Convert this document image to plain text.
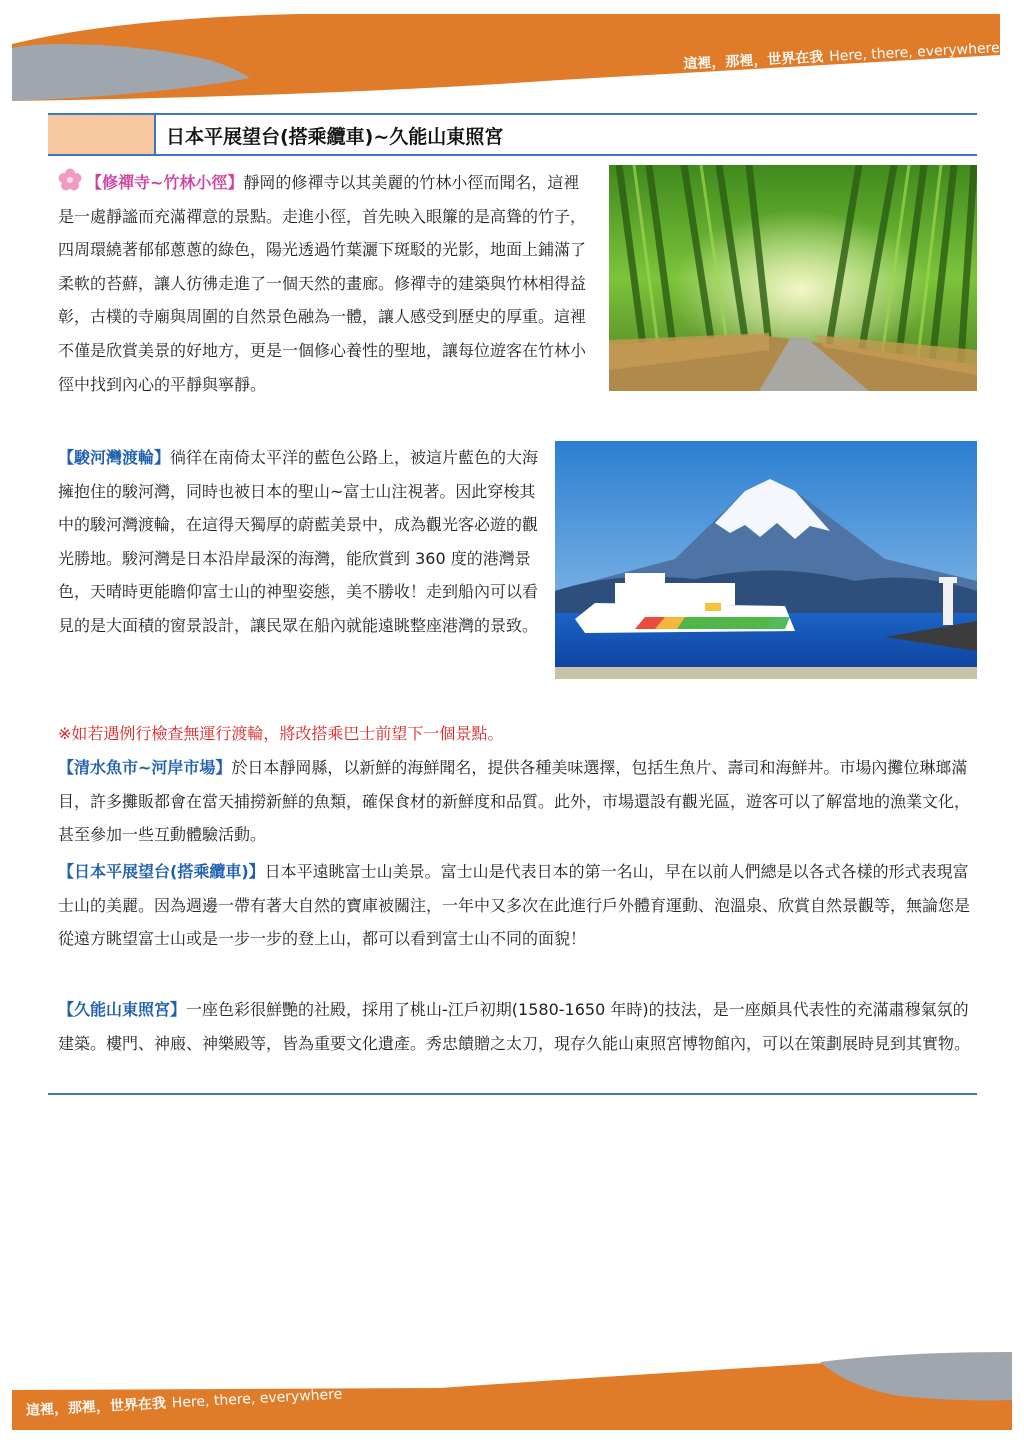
這裡，那裡，世界在我 Here, there, everywhere
日本平展望台(搭乘纜車)~久能山東照宮
【修禪寺~竹林小徑】靜岡的修禪寺以其美麗的竹林小徑而聞名，這裡是一處靜謐而充滿禪意的景點。走進小徑，首先映入眼簾的是高聳的竹子，四周環繞著郁郁蔥蔥的綠色，陽光透過竹葉灑下斑駁的光影，地面上鋪滿了柔軟的苔蘚，讓人彷彿走進了一個天然的畫廊。修禪寺的建築與竹林相得益彰，古樸的寺廟與周圍的自然景色融為一體，讓人感受到歷史的厚重。這裡不僅是欣賞美景的好地方，更是一個修心養性的聖地，讓每位遊客在竹林小徑中找到內心的平靜與寧靜。
【駿河灣渡輪】徜徉在南倚太平洋的藍色公路上，被這片藍色的大海擁抱住的駿河灣，同時也被日本的聖山~富士山注視著。因此穿梭其中的駿河灣渡輪，在這得天獨厚的蔚藍美景中，成為觀光客必遊的觀光勝地。駿河灣是日本沿岸最深的海灣，能欣賞到 360 度的港灣景色，天晴時更能瞻仰富士山的神聖姿態，美不勝收！走到船內可以看見的是大面積的窗景設計，讓民眾在船內就能遠眺整座港灣的景致。
※如若遇例行檢查無運行渡輪，將改搭乘巴士前望下一個景點。
【清水魚市~河岸市場】於日本靜岡縣，以新鮮的海鮮聞名，提供各種美味選擇，包括生魚片、壽司和海鮮丼。市場內攤位琳瑯滿目，許多攤販都會在當天捕撈新鮮的魚類，確保食材的新鮮度和品質。此外，市場還設有觀光區，遊客可以了解當地的漁業文化，甚至參加一些互動體驗活動。
【日本平展望台(搭乘纜車)】日本平遠眺富士山美景。富士山是代表日本的第一名山，早在以前人們總是以各式各樣的形式表現富士山的美麗。因為週邊一帶有著大自然的寶庫被關注，一年中又多次在此進行戶外體育運動、泡溫泉、欣賞自然景觀等，無論您是從遠方眺望富士山或是一步一步的登上山，都可以看到富士山不同的面貌！
【久能山東照宮】一座色彩很鮮艷的社殿，採用了桃山-江戶初期(1580-1650 年時)的技法，是一座頗具代表性的充滿肅穆氣氛的建築。樓門、神廄、神樂殿等，皆為重要文化遺產。秀忠饋贈之太刀，現存久能山東照宮博物館內，可以在策劃展時見到其實物。
這裡，那裡，世界在我 Here, there, everywhere
